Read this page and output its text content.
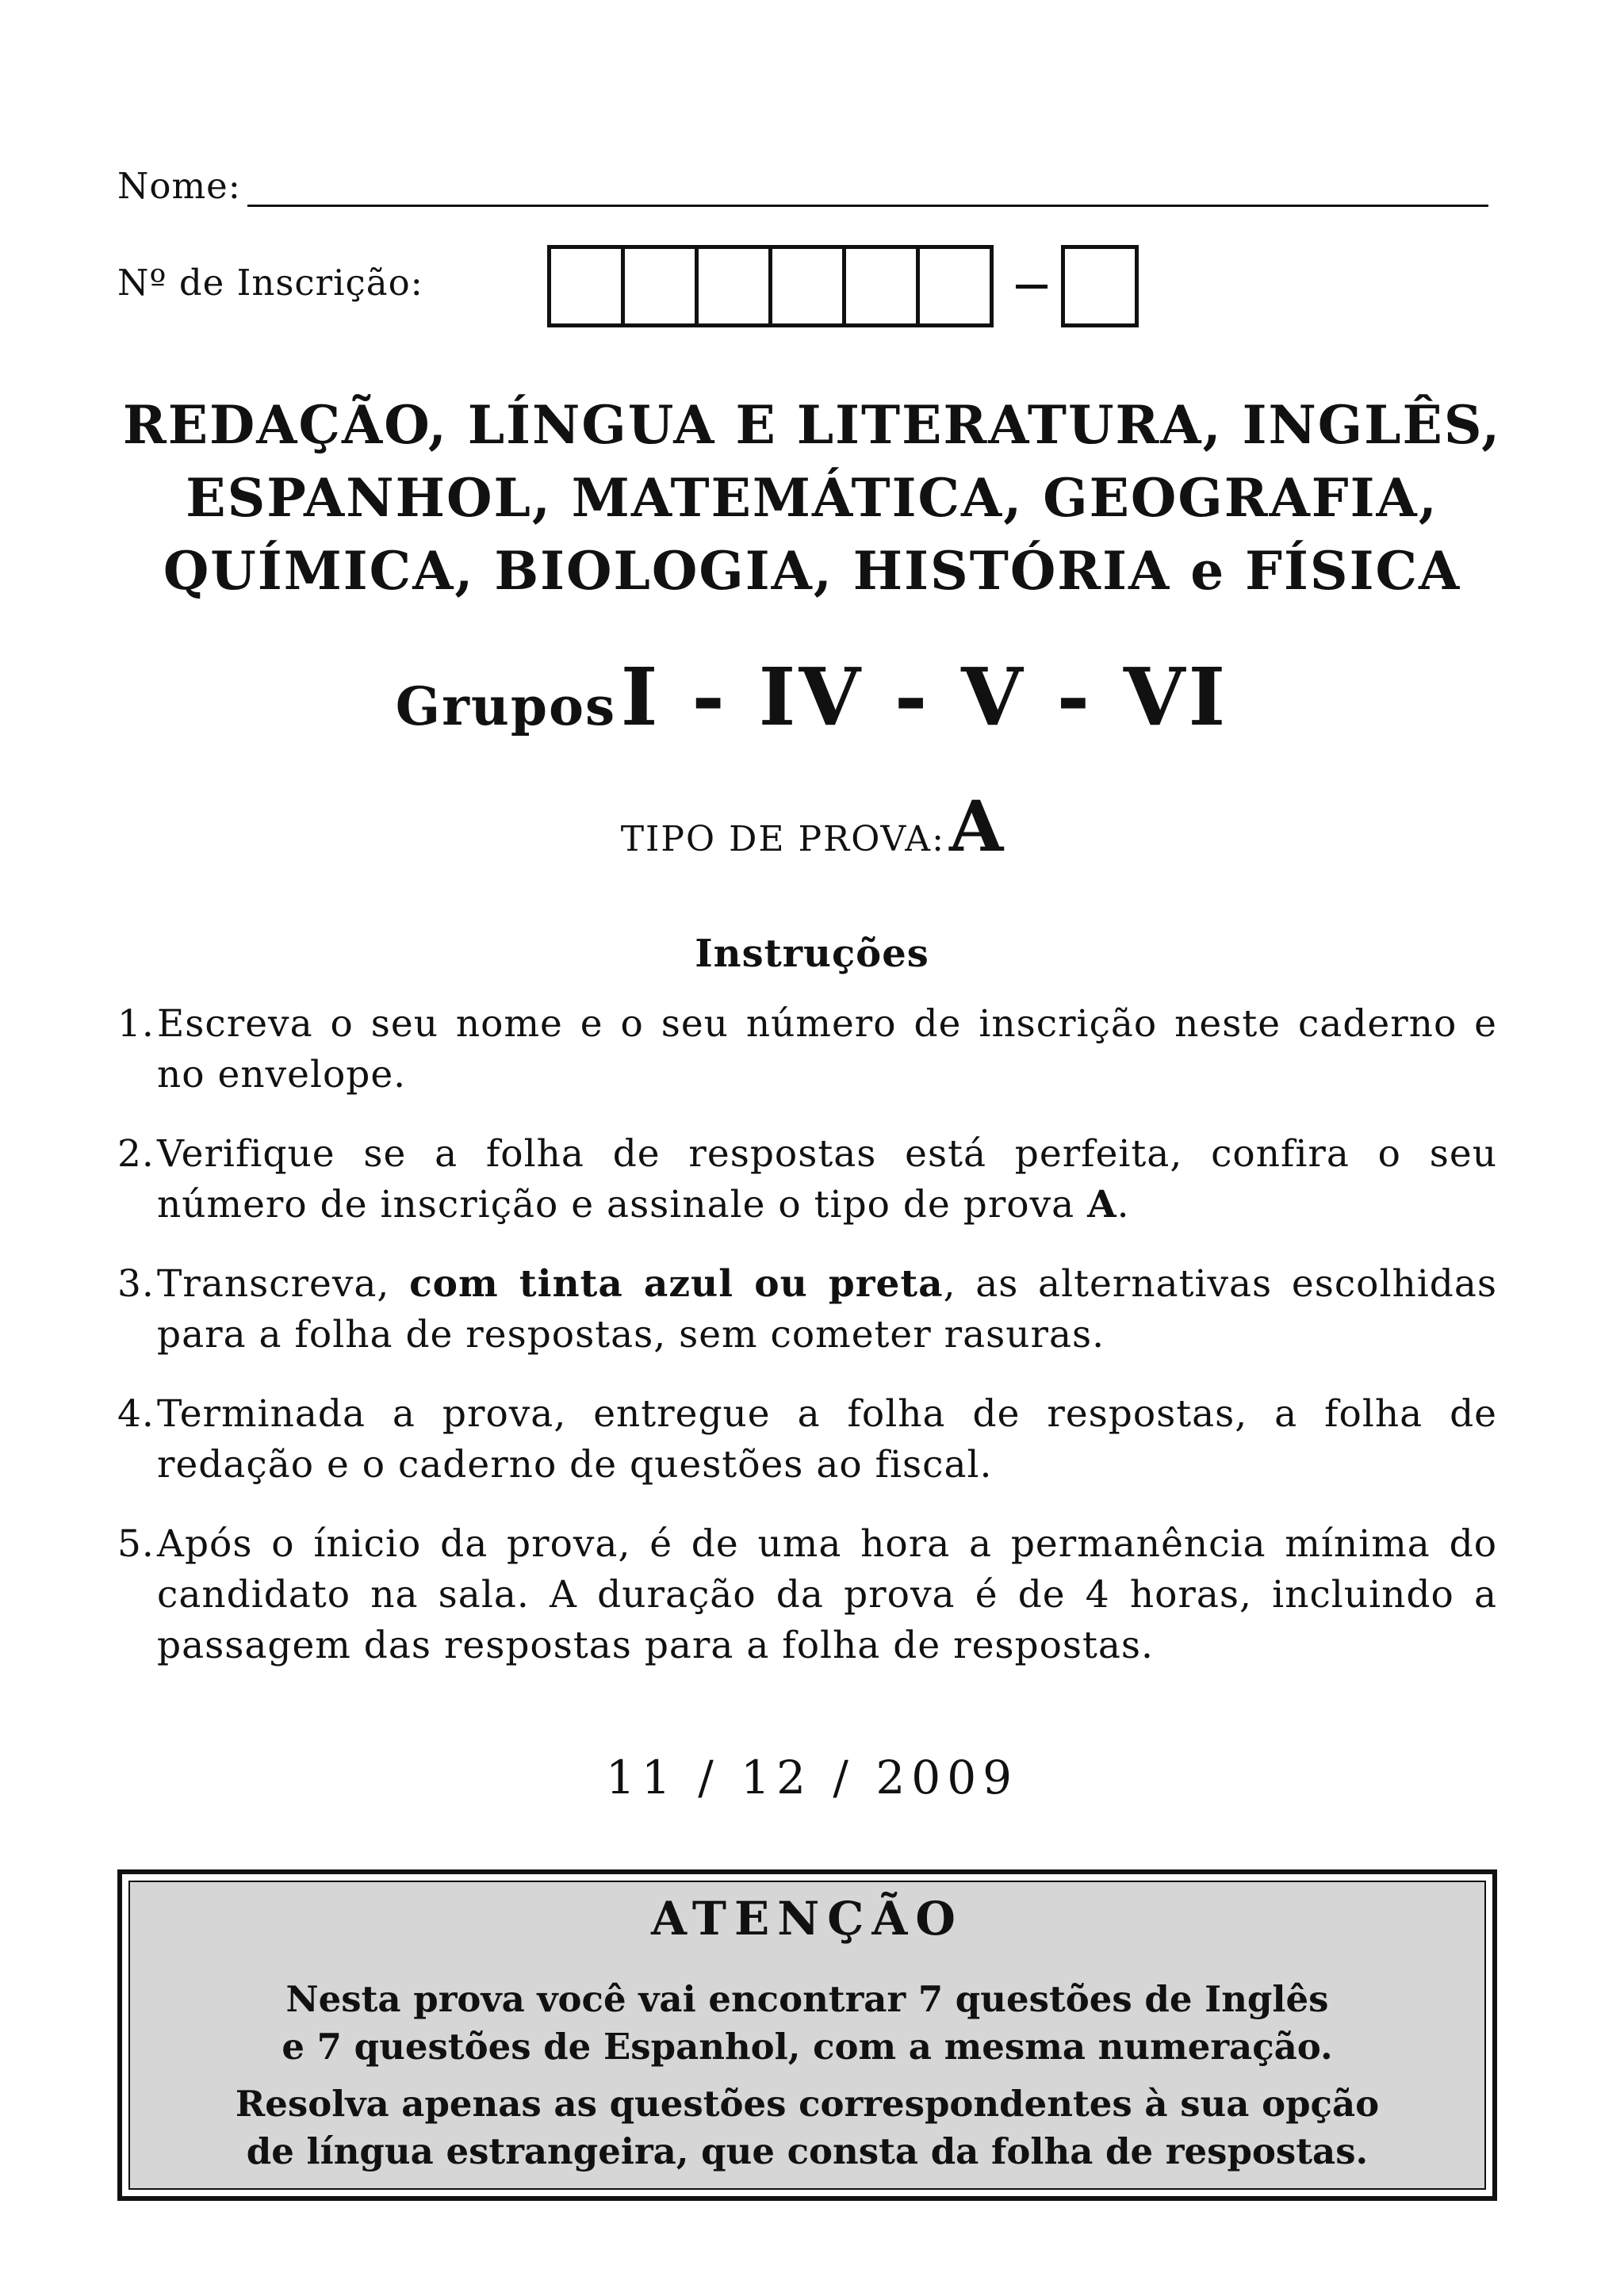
Nome:
Nº de Inscrição:
REDAÇÃO, LÍNGUA E LITERATURA, INGLÊS,
ESPANHOL, MATEMÁTICA, GEOGRAFIA,
QUÍMICA, BIOLOGIA, HISTÓRIA e FÍSICA
Grupos I - IV - V - VI
TIPO DE PROVA: A
Instruções
1. Escreva o seu nome e o seu número de inscrição neste caderno e no envelope.
2. Verifique se a folha de respostas está perfeita, confira o seu número de inscrição e assinale o tipo de prova A.
3. Transcreva, com tinta azul ou preta, as alternativas escolhidas para a folha de respostas, sem cometer rasuras.
4. Terminada a prova, entregue a folha de respostas, a folha de redação e o caderno de questões ao fiscal.
5. Após o ínicio da prova, é de uma hora a permanência mínima do candidato na sala. A duração da prova é de 4 horas, incluindo a passagem das respostas para a folha de respostas.
11 / 12 / 2009
ATENÇÃO
Nesta prova você vai encontrar 7 questões de Inglês
e 7 questões de Espanhol, com a mesma numeração.
Resolva apenas as questões correspondentes à sua opção
de língua estrangeira, que consta da folha de respostas.
